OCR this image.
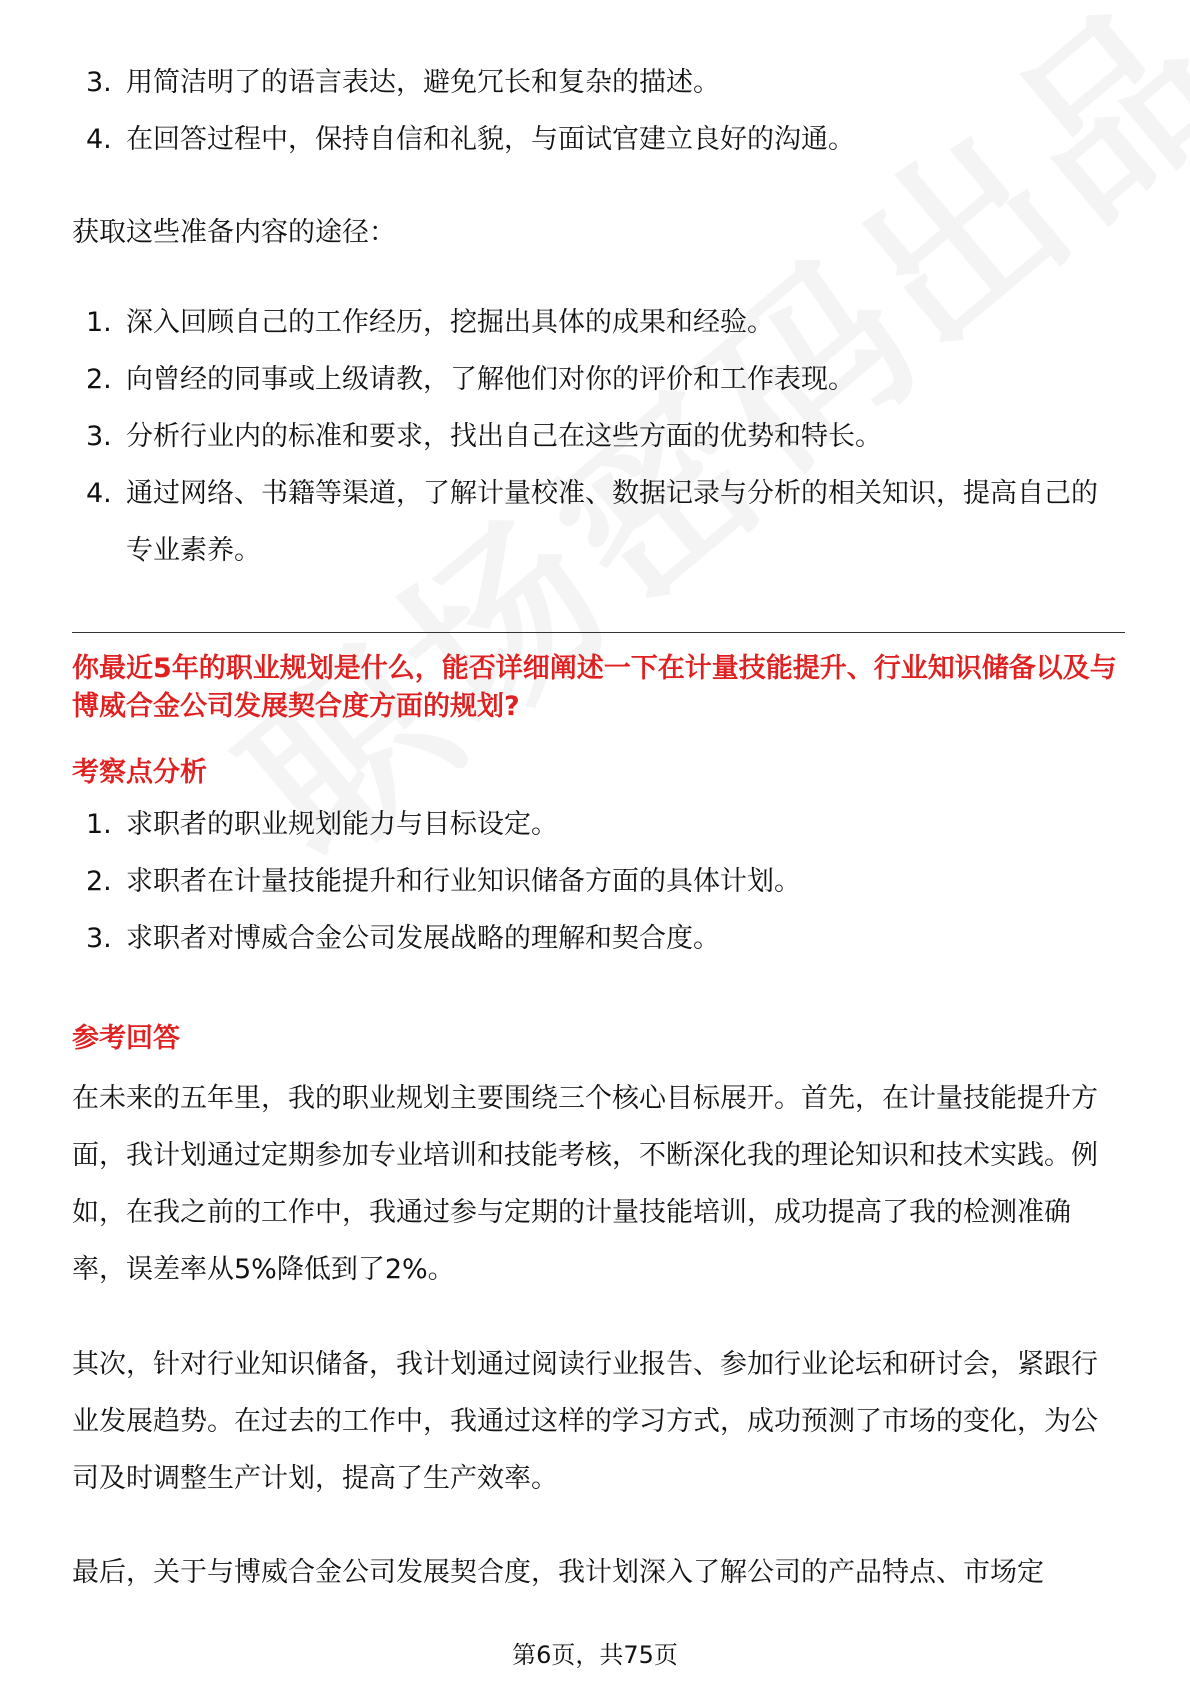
3. 用简洁明了的语言表达，避免冗长和复杂的描述。
4. 在回答过程中，保持自信和礼貌，与面试官建立良好的沟通。

获取这些准备内容的途径：

1. 深入回顾自己的工作经历，挖掘出具体的成果和经验。
2. 向曾经的同事或上级请教，了解他们对你的评价和工作表现。
3. 分析行业内的标准和要求，找出自己在这些方面的优势和特长。
4. 通过网络、书籍等渠道，了解计量校准、数据记录与分析的相关知识，提高自己的专业素养。

你最近5年的职业规划是什么，能否详细阐述一下在计量技能提升、行业知识储备以及与博威合金公司发展契合度方面的规划?

考察点分析

1. 求职者的职业规划能力与目标设定。
2. 求职者在计量技能提升和行业知识储备方面的具体计划。
3. 求职者对博威合金公司发展战略的理解和契合度。

参考回答

在未来的五年里，我的职业规划主要围绕三个核心目标展开。首先，在计量技能提升方面，我计划通过定期参加专业培训和技能考核，不断深化我的理论知识和技术实践。例如，在我之前的工作中，我通过参与定期的计量技能培训，成功提高了我的检测准确率，误差率从5%降低到了2%。

其次，针对行业知识储备，我计划通过阅读行业报告、参加行业论坛和研讨会，紧跟行业发展趋势。在过去的工作中，我通过这样的学习方式，成功预测了市场的变化，为公司及时调整生产计划，提高了生产效率。

最后，关于与博威合金公司发展契合度，我计划深入了解公司的产品特点、市场定

第6页，共75页
